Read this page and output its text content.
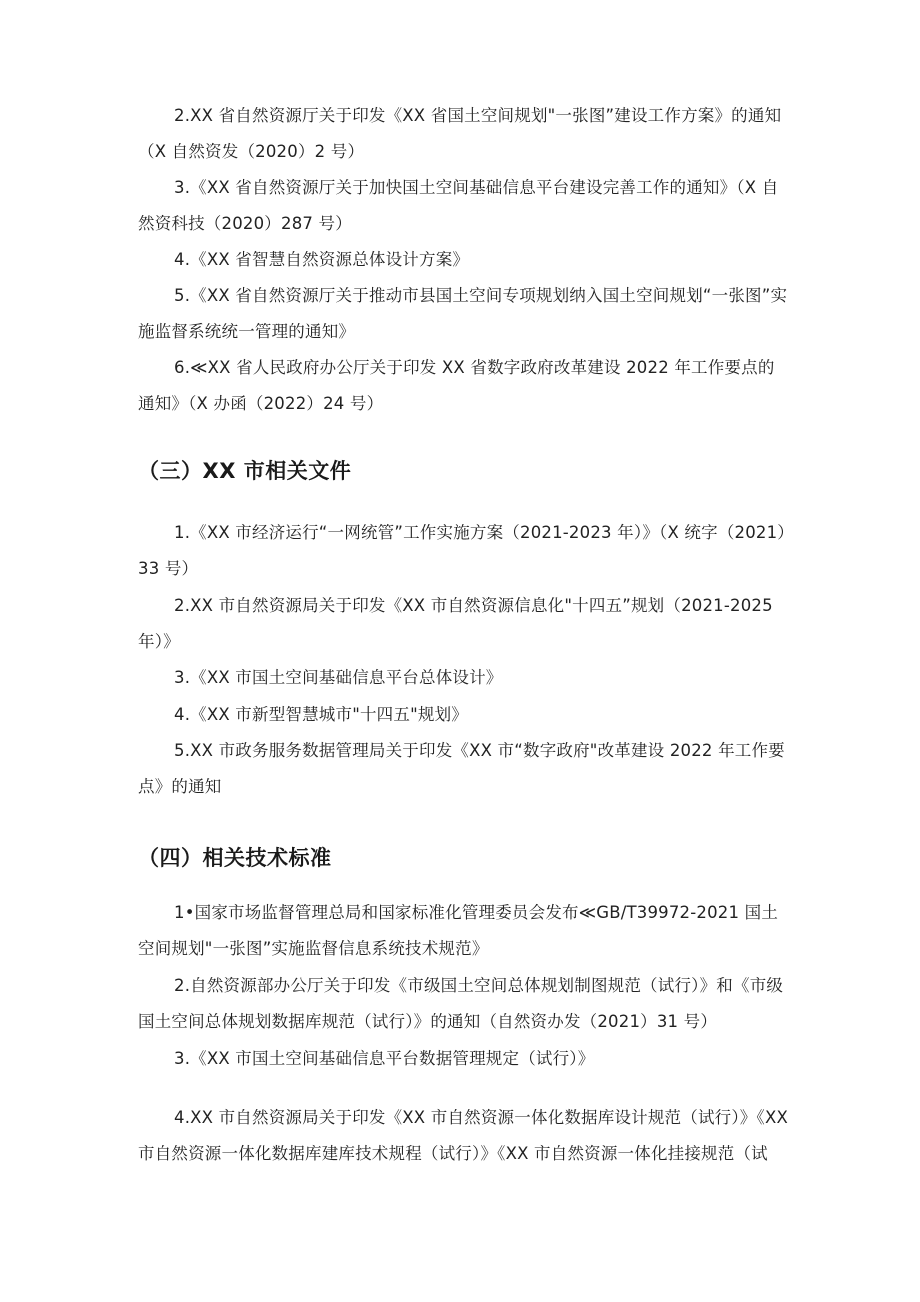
2.XX 省自然资源厅关于印发《XX 省国土空间规划"一张图”建设工作方案》的通知（X 自然资发（2020）2 号）

3.《XX 省自然资源厅关于加快国土空间基础信息平台建设完善工作的通知》（X 自然资科技（2020）287 号）

4.《XX 省智慧自然资源总体设计方案》

5.《XX 省自然资源厅关于推动市县国土空间专项规划纳入国土空间规划“一张图”实施监督系统统一管理的通知》

6.≪XX 省人民政府办公厅关于印发 XX 省数字政府改革建设 2022 年工作要点的通知》（X 办函（2022）24 号）

（三）XX 市相关文件

1.《XX 市经济运行“一网统管”工作实施方案（2021-2023 年）》（X 统字（2021）33 号）

2.XX 市自然资源局关于印发《XX 市自然资源信息化"十四五”规划（2021-2025 年）》

3.《XX 市国土空间基础信息平台总体设计》

4.《XX 市新型智慧城市"十四五"规划》

5.XX 市政务服务数据管理局关于印发《XX 市“数字政府"改革建设 2022 年工作要点》的通知

（四）相关技术标准

1•国家市场监督管理总局和国家标准化管理委员会发布≪GB/T39972-2021 国土空间规划"一张图”实施监督信息系统技术规范》

2.自然资源部办公厅关于印发《市级国土空间总体规划制图规范（试行）》和《市级国土空间总体规划数据库规范（试行）》的通知（自然资办发（2021）31 号）

3.《XX 市国土空间基础信息平台数据管理规定（试行）》

4.XX 市自然资源局关于印发《XX 市自然资源一体化数据库设计规范（试行）》《XX 市自然资源一体化数据库建库技术规程（试行）》《XX 市自然资源一体化挂接规范（试
